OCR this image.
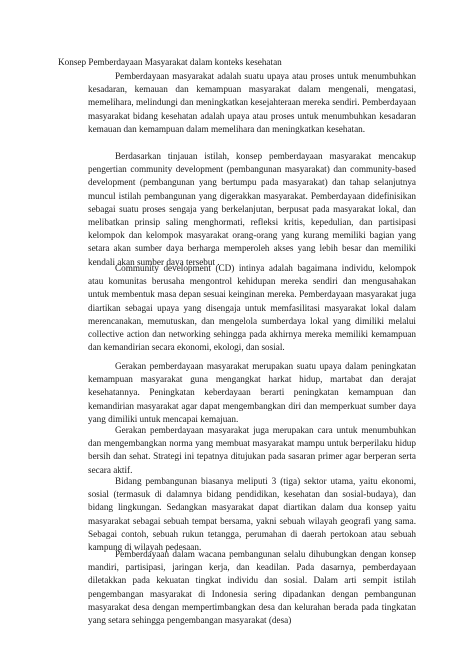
Konsep Pemberdayaan Masyarakat dalam konteks kesehatan

Pemberdayaan masyarakat adalah suatu upaya atau proses untuk menumbuhkan kesadaran, kemauan dan kemampuan masyarakat dalam mengenali, mengatasi, memelihara, melindungi dan meningkatkan kesejahteraan mereka sendiri. Pemberdayaan masyarakat bidang kesehatan adalah upaya atau proses untuk menumbuhkan kesadaran kemauan dan kemampuan dalam memelihara dan meningkatkan kesehatan.

Berdasarkan tinjauan istilah, konsep pemberdayaan masyarakat mencakup pengertian community development (pembangunan masyarakat) dan community-based development (pembangunan yang bertumpu pada masyarakat) dan tahap selanjutnya muncul istilah pembangunan yang digerakkan masyarakat. Pemberdayaan didefinisikan sebagai suatu proses sengaja yang berkelanjutan, berpusat pada masyarakat lokal, dan melibatkan prinsip saling menghormati, refleksi kritis, kepedulian, dan partisipasi kelompok dan kelompok masyarakat orang-orang yang kurang memiliki bagian yang setara akan sumber daya berharga memperoleh akses yang lebih besar dan memiliki kendali akan sumber daya tersebut .

Community development (CD) intinya adalah bagaimana individu, kelompok atau komunitas berusaha mengontrol kehidupan mereka sendiri dan mengusahakan untuk membentuk masa depan sesuai keinginan mereka. Pemberdayaan masyarakat juga diartikan sebagai upaya yang disengaja untuk memfasilitasi masyarakat lokal dalam merencanakan, memutuskan, dan mengelola sumberdaya lokal yang dimiliki melalui collective action dan networking sehingga pada akhirnya mereka memiliki kemampuan dan kemandirian secara ekonomi, ekologi, dan sosial.

Gerakan pemberdayaan masyarakat merupakan suatu upaya dalam peningkatan kemampuan masyarakat guna mengangkat harkat hidup, martabat dan derajat kesehatannya. Peningkatan keberdayaan berarti peningkatan kemampuan dan kemandirian masyarakat agar dapat mengembangkan diri dan memperkuat sumber daya yang dimiliki untuk mencapai kemajuan.

Gerakan pemberdayaan masyarakat juga merupakan cara untuk menumbuhkan dan mengembangkan norma yang membuat masyarakat mampu untuk berperilaku hidup bersih dan sehat. Strategi ini tepatnya ditujukan pada sasaran primer agar berperan serta secara aktif.

Bidang pembangunan biasanya meliputi 3 (tiga) sektor utama, yaitu ekonomi, sosial (termasuk di dalamnya bidang pendidikan, kesehatan dan sosial-budaya), dan bidang lingkungan. Sedangkan masyarakat dapat diartikan dalam dua konsep yaitu masyarakat sebagai sebuah tempat bersama, yakni sebuah wilayah geografi yang sama. Sebagai contoh, sebuah rukun tetangga, perumahan di daerah pertokoan atau sebuah kampung di wilayah pedesaan.

Pemberdayaan dalam wacana pembangunan selalu dihubungkan dengan konsep mandiri, partisipasi, jaringan kerja, dan keadilan. Pada dasarnya, pemberdayaan diletakkan pada kekuatan tingkat individu dan sosial. Dalam arti sempit istilah pengembangan masyarakat di Indonesia sering dipadankan dengan pembangunan masyarakat desa dengan mempertimbangkan desa dan kelurahan berada pada tingkatan yang setara sehingga pengembangan masyarakat (desa)
